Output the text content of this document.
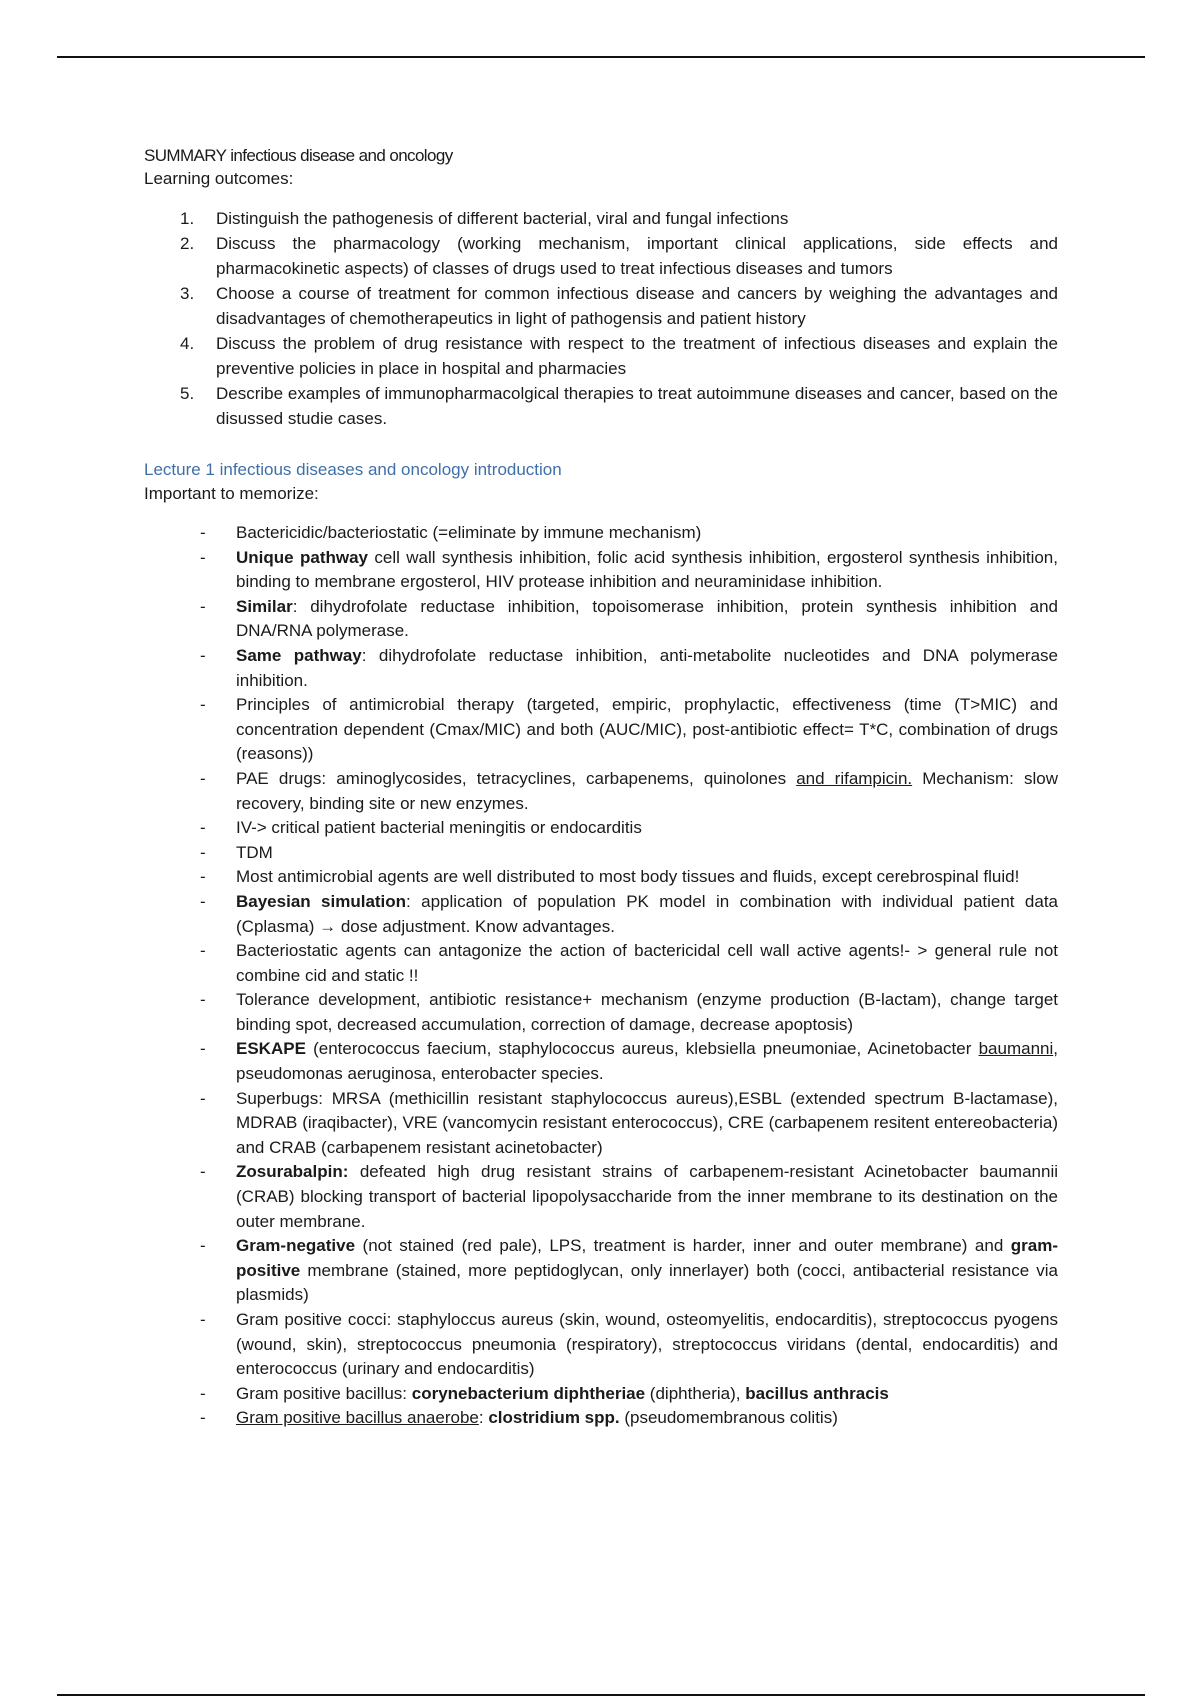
SUMMARY infectious disease and oncology

Learning outcomes:

1. Distinguish the pathogenesis of different bacterial, viral and fungal infections
2. Discuss the pharmacology (working mechanism, important clinical applications, side effects and pharmacokinetic aspects) of classes of drugs used to treat infectious diseases and tumors
3. Choose a course of treatment for common infectious disease and cancers by weighing the advantages and disadvantages of chemotherapeutics in light of pathogensis and patient history
4. Discuss the problem of drug resistance with respect to the treatment of infectious diseases and explain the preventive policies in place in hospital and pharmacies
5. Describe examples of immunopharmacolgical therapies to treat autoimmune diseases and cancer, based on the disussed studie cases.

Lecture 1 infectious diseases and oncology introduction

Important to memorize:

- Bactericidic/bacteriostatic (=eliminate by immune mechanism)
- Unique pathway cell wall synthesis inhibition, folic acid synthesis inhibition, ergosterol synthesis inhibition, binding to membrane ergosterol, HIV protease inhibition and neuraminidase inhibition.
- Similar: dihydrofolate reductase inhibition, topoisomerase inhibition, protein synthesis inhibition and DNA/RNA polymerase.
- Same pathway: dihydrofolate reductase inhibition, anti-metabolite nucleotides and DNA polymerase inhibition.
- Principles of antimicrobial therapy (targeted, empiric, prophylactic, effectiveness (time (T>MIC) and concentration dependent (Cmax/MIC) and both (AUC/MIC), post-antibiotic effect= T*C, combination of drugs (reasons))
- PAE drugs: aminoglycosides, tetracyclines, carbapenems, quinolones and rifampicin. Mechanism: slow recovery, binding site or new enzymes.
- IV-> critical patient bacterial meningitis or endocarditis
- TDM
- Most antimicrobial agents are well distributed to most body tissues and fluids, except cerebrospinal fluid!
- Bayesian simulation: application of population PK model in combination with individual patient data (Cplasma) → dose adjustment. Know advantages.
- Bacteriostatic agents can antagonize the action of bactericidal cell wall active agents!- > general rule not combine cid and static !!
- Tolerance development, antibiotic resistance+ mechanism (enzyme production (B-lactam), change target binding spot, decreased accumulation, correction of damage, decrease apoptosis)
- ESKAPE (enterococcus faecium, staphylococcus aureus, klebsiella pneumoniae, Acinetobacter baumanni, pseudomonas aeruginosa, enterobacter species.
- Superbugs: MRSA (methicillin resistant staphylococcus aureus),ESBL (extended spectrum B-lactamase), MDRAB (iraqibacter), VRE (vancomycin resistant enterococcus), CRE (carbapenem resitent entereobacteria) and CRAB (carbapenem resistant acinetobacter)
- Zosurabalpin: defeated high drug resistant strains of carbapenem-resistant Acinetobacter baumannii (CRAB) blocking transport of bacterial lipopolysaccharide from the inner membrane to its destination on the outer membrane.
- Gram-negative (not stained (red pale), LPS, treatment is harder, inner and outer membrane) and gram-positive membrane (stained, more peptidoglycan, only innerlayer) both (cocci, antibacterial resistance via plasmids)
- Gram positive cocci: staphyloccus aureus (skin, wound, osteomyelitis, endocarditis), streptococcus pyogens (wound, skin), streptococcus pneumonia (respiratory), streptococcus viridans (dental, endocarditis) and enterococcus (urinary and endocarditis)
- Gram positive bacillus: corynebacterium diphtheriae (diphtheria), bacillus anthracis
- Gram positive bacillus anaerobe: clostridium spp. (pseudomembranous colitis)
